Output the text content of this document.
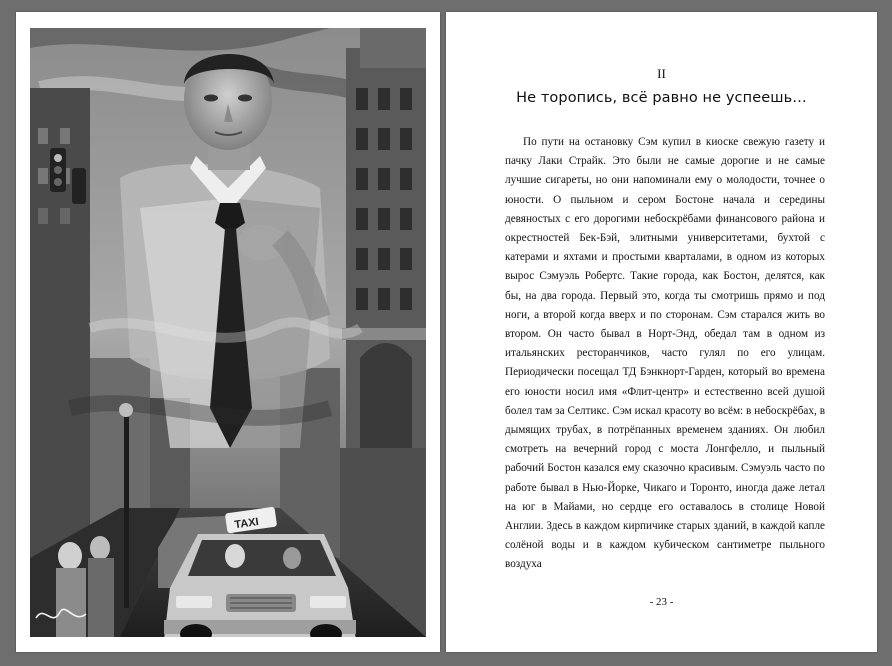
TAXI
II
Не торопись, всё равно не успеешь…

По пути на остановку Сэм купил в киоске свежую газету и пачку Лаки Страйк. Это были не самые дорогие и не самые лучшие сигареты, но они напоминали ему о молодости, точнее о юности. О пыльном и сером Бостоне начала и середины девяностых с его дорогими небоскрёбами финансового района и окрестностей Бек-Бэй, элитными университетами, бухтой с катерами и яхтами и простыми кварталами, в одном из которых вырос Сэмуэль Робертс. Такие города, как Бостон, делятся, как бы, на два города. Первый это, когда ты смотришь прямо и под ноги, а второй когда вверх и по сторонам. Сэм старался жить во втором. Он часто бывал в Норт-Энд, обедал там в одном из итальянских ресторанчиков, часто гулял по его улицам. Периодически посещал ТД Бэнкнорт-Гарден, который во времена его юности носил имя «Флит-центр» и естественно всей душой болел там за Селтикс. Сэм искал красоту во всём: в небоскрёбах, в дымящих трубах, в потрёпанных временем зданиях. Он любил смотреть на вечерний город с моста Лонгфелло, и пыльный рабочий Бостон казался ему сказочно красивым. Сэмуэль часто по работе бывал в Нью-Йорке, Чикаго и Торонто, иногда даже летал на юг в Майами, но сердце его оставалось в столице Новой Англии. Здесь в каждом кирпичике старых зданий, в каждой капле солёной воды и в каждом кубическом сантиметре пыльного воздуха

- 23 -
